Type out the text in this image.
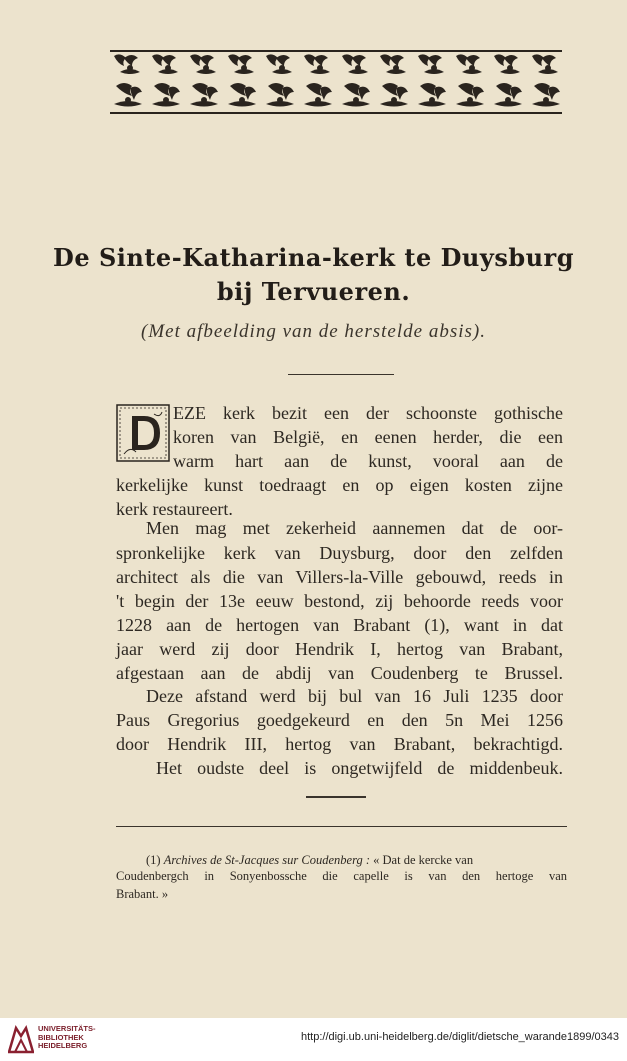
De Sinte-Katharina-kerk te Duysburg
bij Tervueren.
(Met afbeelding van de herstelde absis).
EZE kerk bezit een der schoonste gothische
koren van België, en eenen herder, die een
warm hart aan de kunst, vooral aan de
kerkelijke kunst toedraagt en op eigen kosten zijne
kerk restaureert.
Men mag met zekerheid aannemen dat de oor-
spronkelijke kerk van Duysburg, door den zelfden
architect als die van Villers-la-Ville gebouwd, reeds in
't begin der 13e eeuw bestond, zij behoorde reeds voor
1228 aan de hertogen van Brabant (1), want in dat
jaar werd zij door Hendrik I, hertog van Brabant,
afgestaan aan de abdij van Coudenberg te Brussel.
Deze afstand werd bij bul van 16 Juli 1235 door
Paus Gregorius goedgekeurd en den 5n Mei 1256
door Hendrik III, hertog van Brabant, bekrachtigd.
Het oudste deel is ongetwijfeld de middenbeuk.
(1) Archives de St-Jacques sur Coudenberg : « Dat de kercke van
Coudenbergch in Sonyenbossche die capelle is van den hertoge van
Brabant. »
UNIVERSITÄTS-
BIBLIOTHEK
HEIDELBERG
http://digi.ub.uni-heidelberg.de/diglit/dietsche_warande1899/0343
